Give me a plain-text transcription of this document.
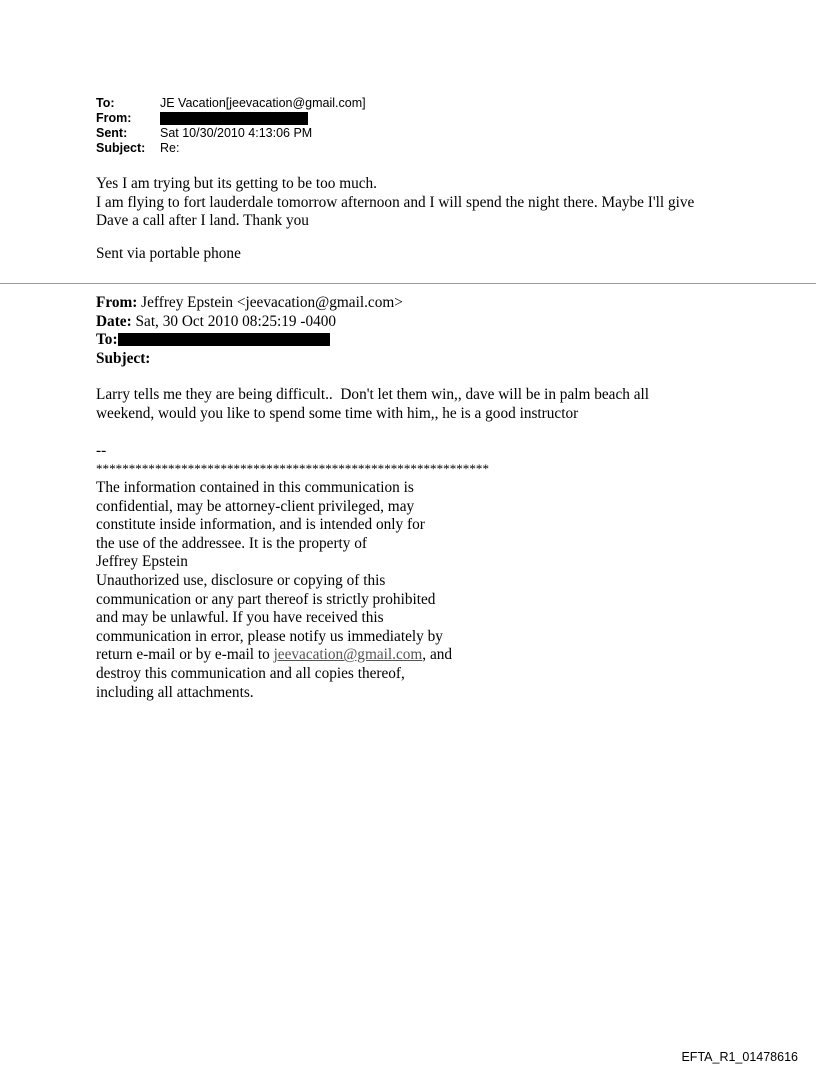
To:	JE Vacation[jeevacation@gmail.com]
From:
Sent:	Sat 10/30/2010 4:13:06 PM
Subject:	Re:
Yes I am trying but its getting to be too much.
I am flying to fort lauderdale tomorrow afternoon and I will spend the night there. Maybe I'll give
Dave a call after I land. Thank you
Sent via portable phone
From: Jeffrey Epstein <jeevacation@gmail.com>
Date: Sat, 30 Oct 2010 08:25:19 -0400
To:
Subject:
Larry tells me they are being difficult..  Don't let them win,, dave will be in palm beach all
weekend, would you like to spend some time with him,, he is a good instructor
--
************************************************************
The information contained in this communication is
confidential, may be attorney-client privileged, may
constitute inside information, and is intended only for
the use of the addressee. It is the property of
Jeffrey Epstein
Unauthorized use, disclosure or copying of this
communication or any part thereof is strictly prohibited
and may be unlawful. If you have received this
communication in error, please notify us immediately by
return e-mail or by e-mail to jeevacation@gmail.com, and
destroy this communication and all copies thereof,
including all attachments.
EFTA_R1_01478616
